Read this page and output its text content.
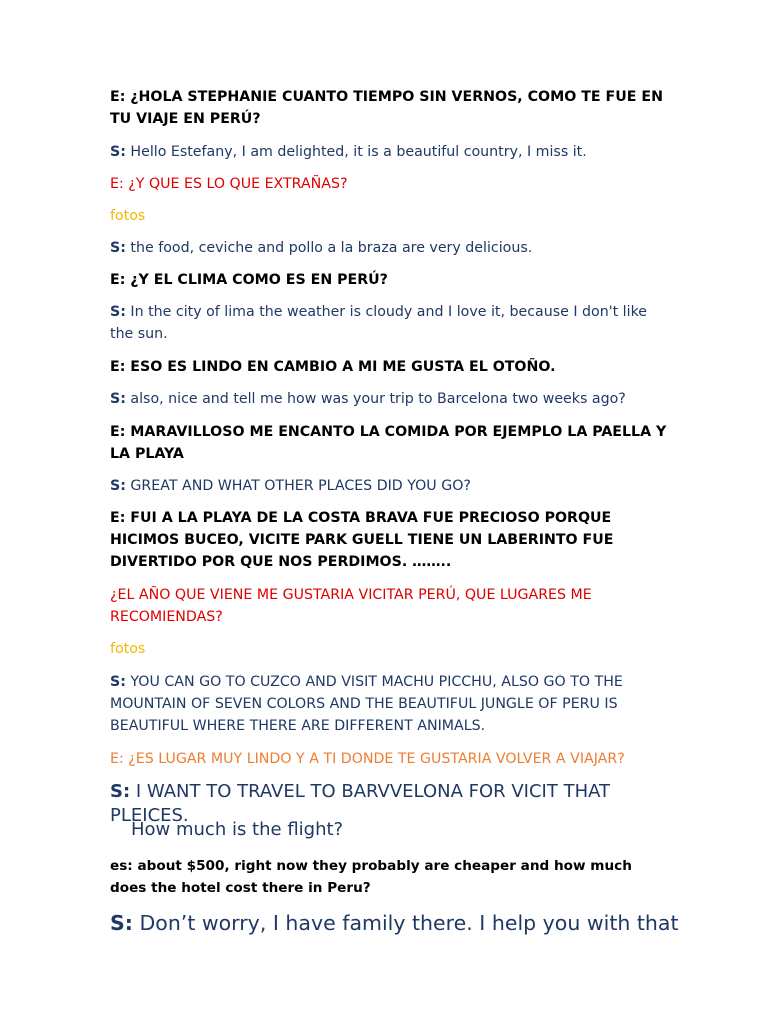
E: ¿HOLA STEPHANIE CUANTO TIEMPO SIN VERNOS, COMO TE FUE EN TU VIAJE EN PERÚ?

S: Hello Estefany, I am delighted, it is a beautiful country, I miss it.

E: ¿Y QUE ES LO QUE EXTRAÑAS?

fotos

S: the food, ceviche and pollo a la braza are very delicious.

E: ¿Y EL CLIMA COMO ES EN PERÚ?

S: In the city of lima the weather is cloudy and I love it, because I don't like the sun.

E: ESO ES LINDO EN CAMBIO A MI ME GUSTA EL OTOÑO.

S: also, nice and tell me how was your trip to Barcelona two weeks ago?

E: MARAVILLOSO ME ENCANTO LA COMIDA POR EJEMPLO LA PAELLA Y LA PLAYA

S: GREAT AND WHAT OTHER PLACES DID YOU GO?

E: FUI A LA PLAYA DE LA COSTA BRAVA FUE PRECIOSO PORQUE HICIMOS BUCEO, VICITE PARK GUELL TIENE UN LABERINTO FUE DIVERTIDO POR QUE NOS PERDIMOS. ……..

¿EL AÑO QUE VIENE ME GUSTARIA VICITAR PERÚ, QUE LUGARES ME RECOMIENDAS?

fotos

S: YOU CAN GO TO CUZCO AND VISIT MACHU PICCHU, ALSO GO TO THE MOUNTAIN OF SEVEN COLORS AND THE BEAUTIFUL JUNGLE OF PERU IS BEAUTIFUL WHERE THERE ARE DIFFERENT ANIMALS.

E: ¿ES LUGAR MUY LINDO Y A TI DONDE TE GUSTARIA VOLVER A VIAJAR?

S: I WANT TO TRAVEL TO BARVVELONA FOR VICIT THAT PLEICES.

How much is the flight?

es: about $500, right now they probably are cheaper and how much does the hotel cost there in Peru?

S: Don’t worry, I have family there. I help you with that
